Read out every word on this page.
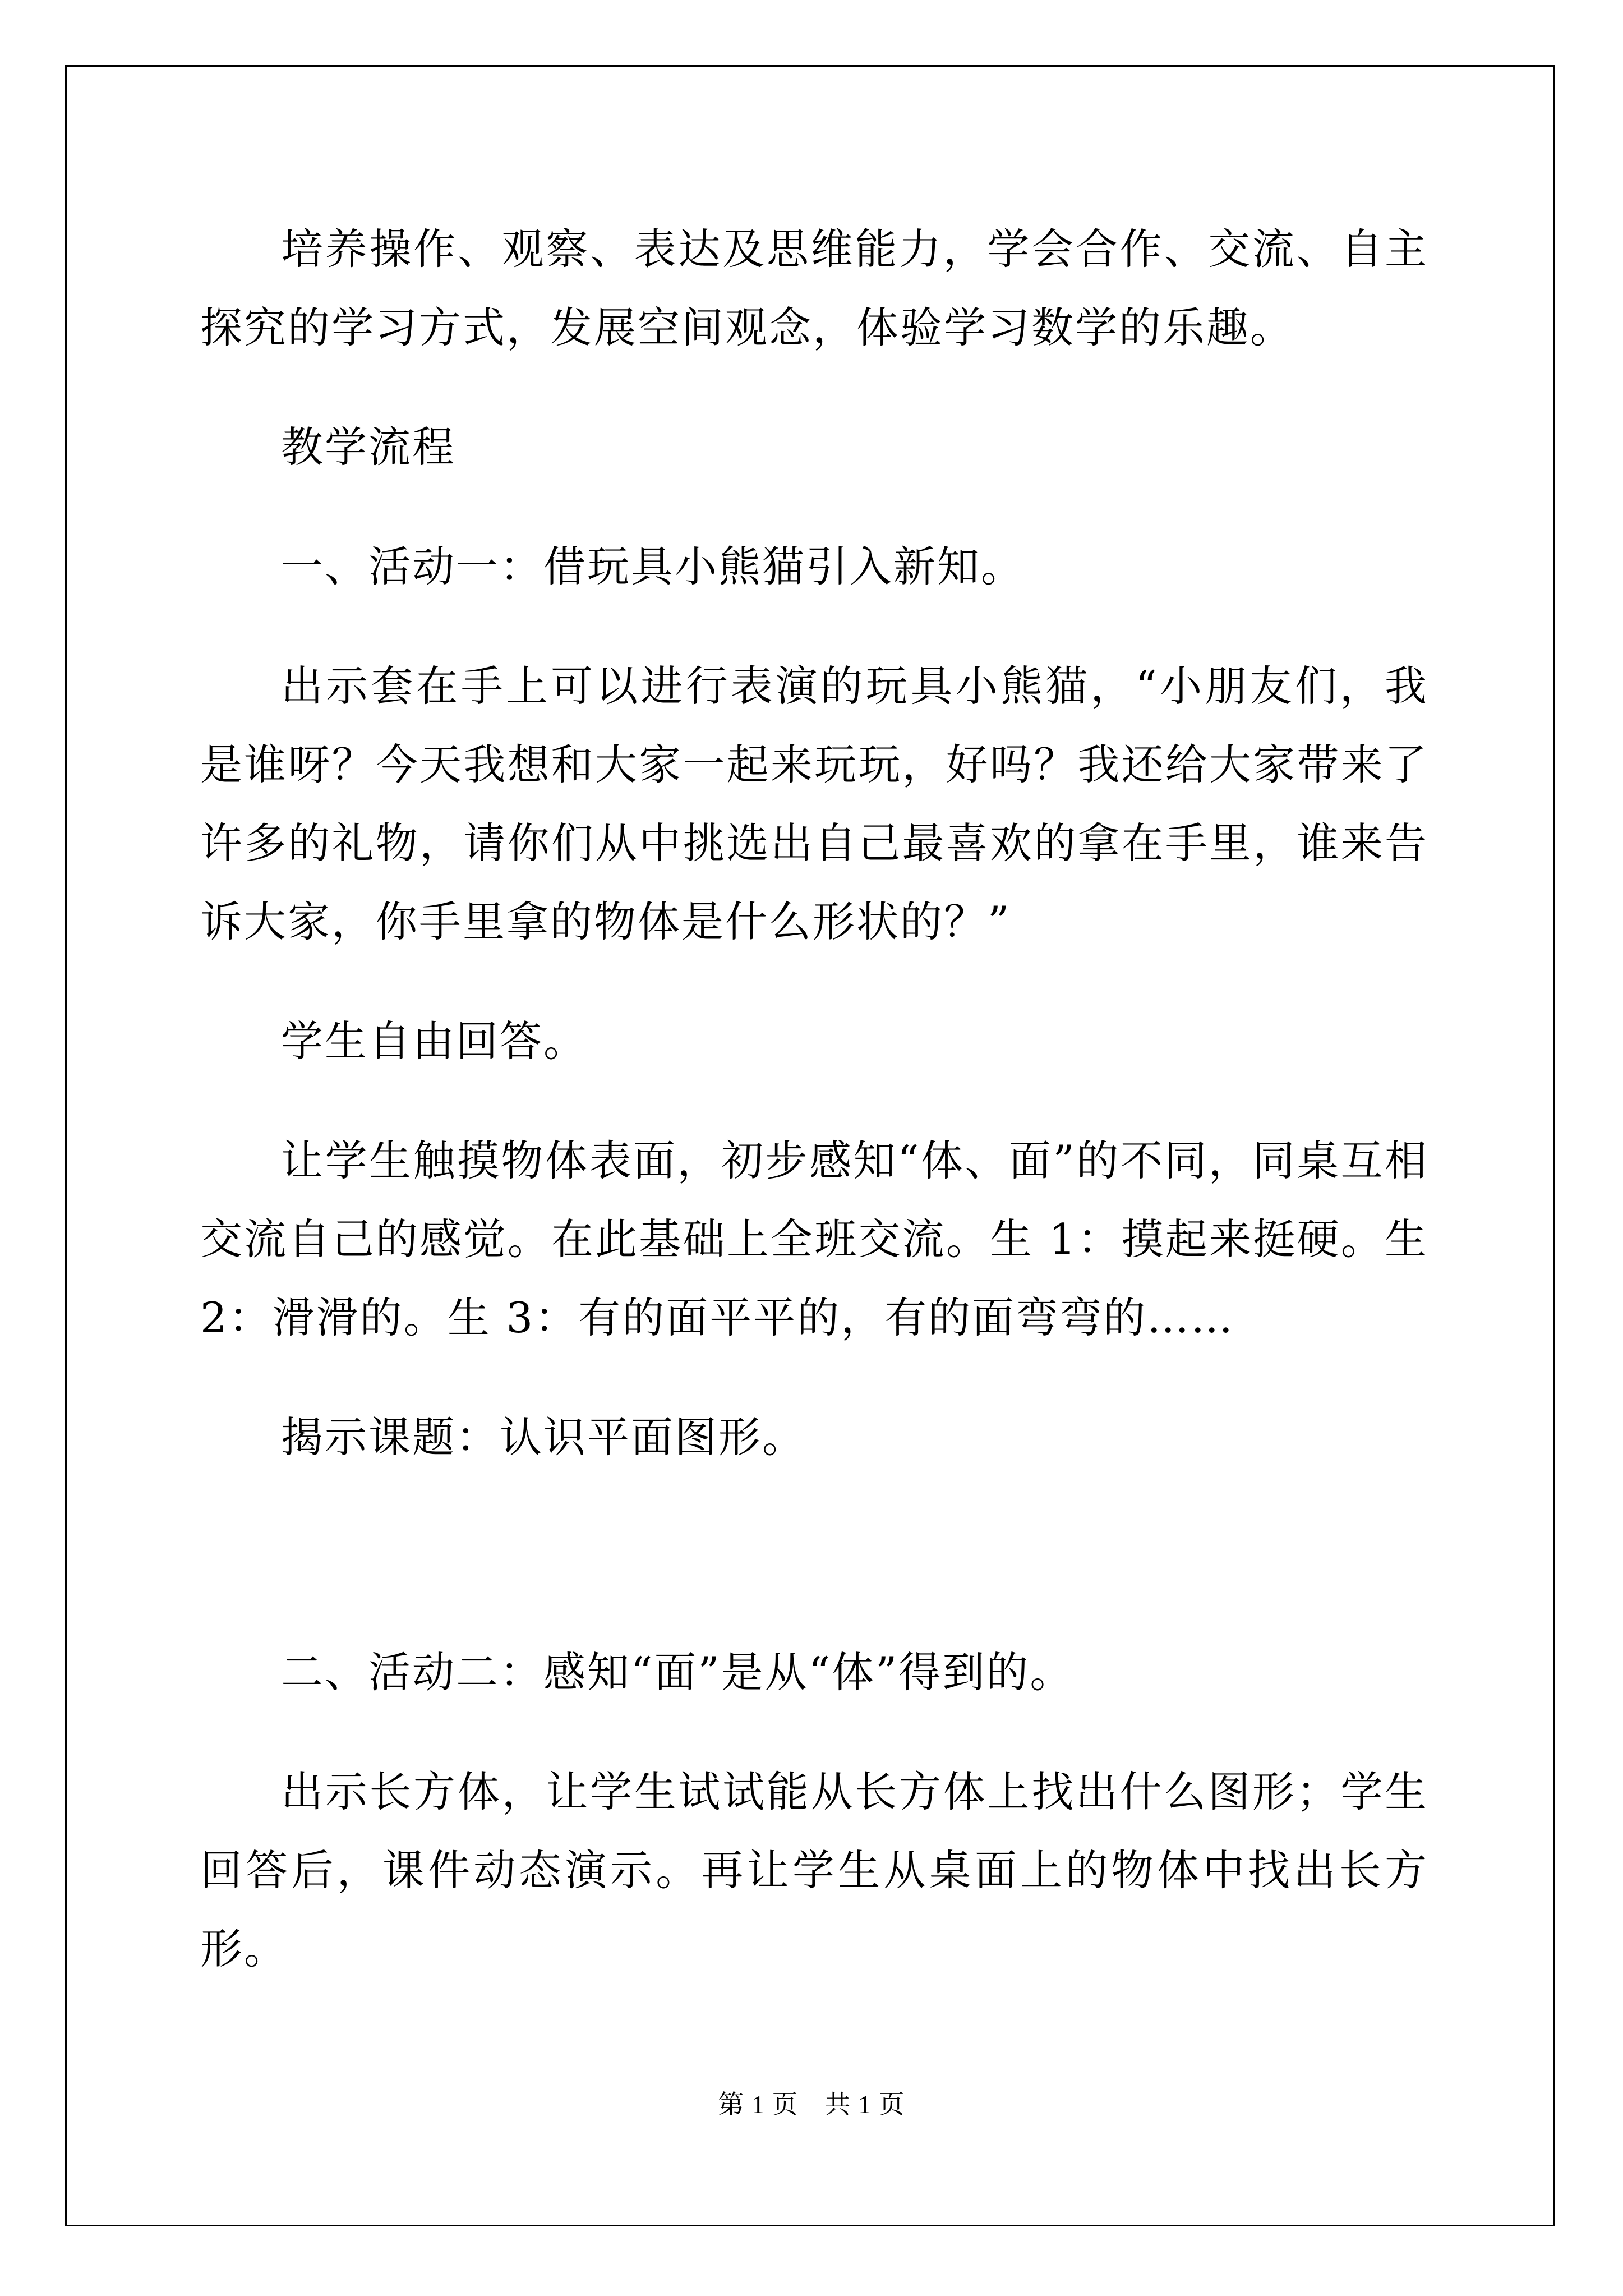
培养操作、观察、表达及思维能力，学会合作、交流、自主探究的学习方式，发展空间观念，体验学习数学的乐趣。

教学流程

一、活动一：借玩具小熊猫引入新知。

出示套在手上可以进行表演的玩具小熊猫，“小朋友们，我是谁呀？今天我想和大家一起来玩玩，好吗？我还给大家带来了许多的礼物，请你们从中挑选出自己最喜欢的拿在手里，谁来告诉大家，你手里拿的物体是什么形状的？”

学生自由回答。

让学生触摸物体表面，初步感知“体、面”的不同，同桌互相交流自己的感觉。在此基础上全班交流。生 1：摸起来挺硬。生 2：滑滑的。生 3：有的面平平的，有的面弯弯的……

揭示课题：认识平面图形。

二、活动二：感知“面”是从“体”得到的。

出示长方体，让学生试试能从长方体上找出什么图形；学生回答后，课件动态演示。再让学生从桌面上的物体中找出长方形。

第 1 页　共 1 页
